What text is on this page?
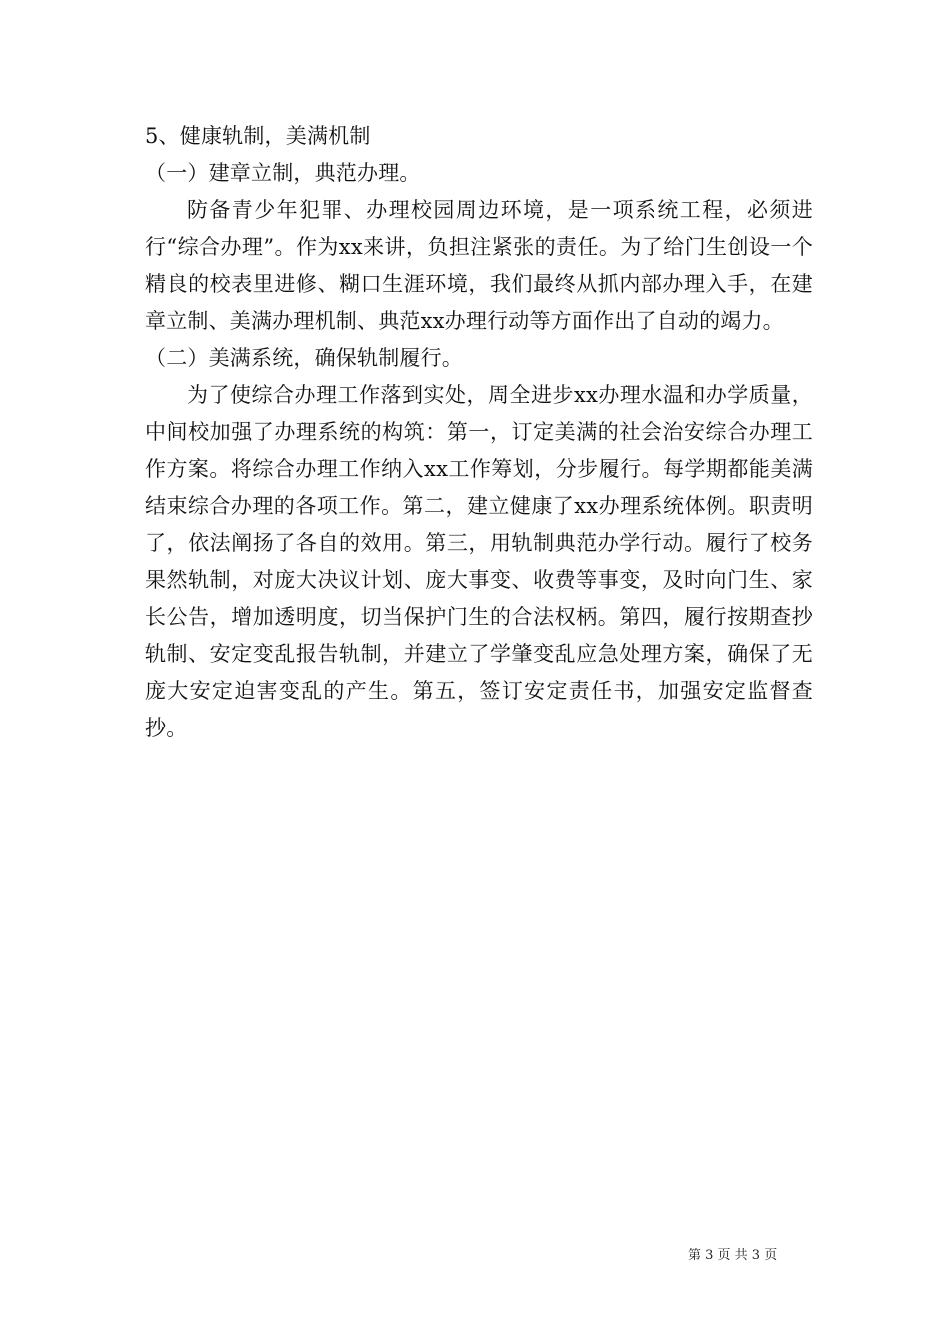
5、健康轨制，美满机制

（一）建章立制，典范办理。

防备青少年犯罪、办理校园周边环境，是一项系统工程，必须进行“综合办理”。作为xx来讲，负担注紧张的责任。为了给门生创设一个精良的校表里进修、糊口生涯环境，我们最终从抓内部办理入手，在建章立制、美满办理机制、典范xx办理行动等方面作出了自动的竭力。

（二）美满系统，确保轨制履行。

为了使综合办理工作落到实处，周全进步xx办理水温和办学质量，中间校加强了办理系统的构筑：第一，订定美满的社会治安综合办理工作方案。将综合办理工作纳入xx工作筹划，分步履行。每学期都能美满结束综合办理的各项工作。第二，建立健康了xx办理系统体例。职责明了，依法阐扬了各自的效用。第三，用轨制典范办学行动。履行了校务果然轨制，对庞大决议计划、庞大事变、收费等事变，及时向门生、家长公告，增加透明度，切当保护门生的合法权柄。第四，履行按期查抄轨制、安定变乱报告轨制，并建立了学肇变乱应急处理方案，确保了无庞大安定迫害变乱的产生。第五，签订安定责任书，加强安定监督查抄。

第 3 页 共 3 页
